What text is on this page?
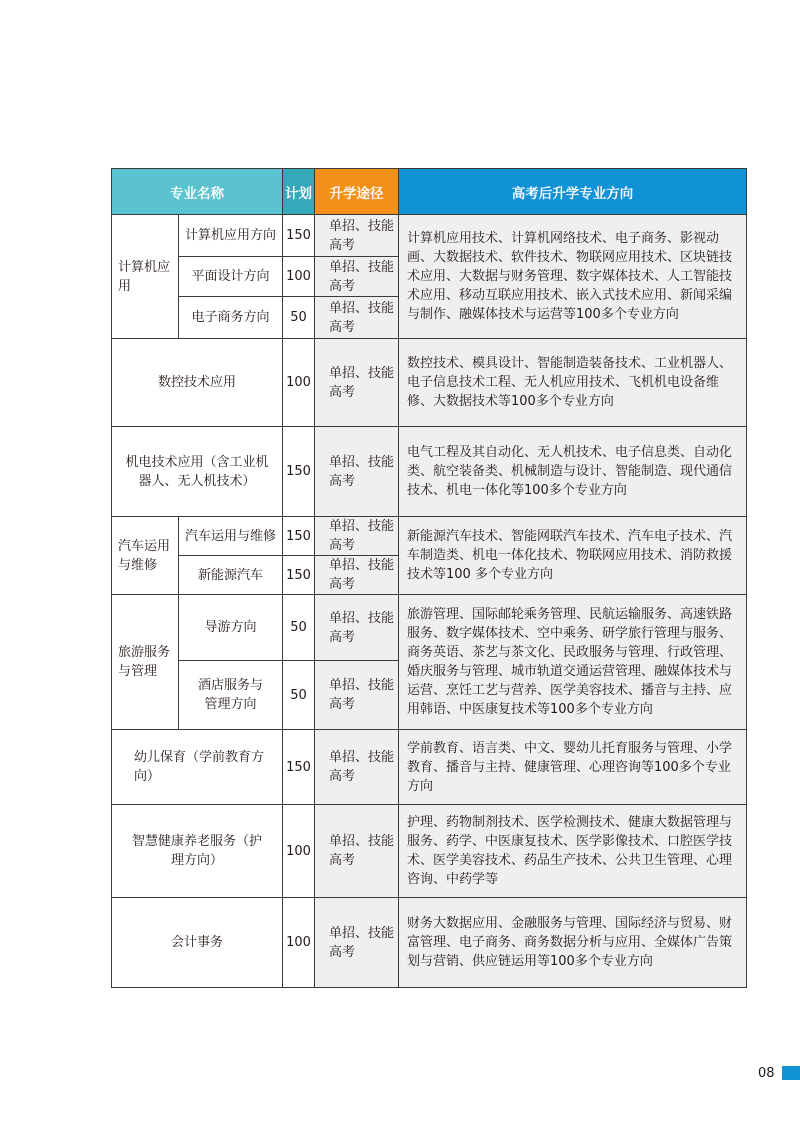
专业名称		计划	升学途径	高考后升学专业方向
计算机应用	计算机应用方向	150	单招、技能高考	计算机应用技术、计算机网络技术、电子商务、影视动画、大数据技术、软件技术、物联网应用技术、区块链技术应用、大数据与财务管理、数字媒体技术、人工智能技术应用、移动互联应用技术、嵌入式技术应用、新闻采编与制作、融媒体技术与运营等100多个专业方向
	平面设计方向	100	单招、技能高考	
	电子商务方向	50	单招、技能高考	
数控技术应用		100	单招、技能高考	数控技术、模具设计、智能制造装备技术、工业机器人、电子信息技术工程、无人机应用技术、飞机机电设备维修、大数据技术等100多个专业方向
机电技术应用（含工业机器人、无人机技术）		150	单招、技能高考	电气工程及其自动化、无人机技术、电子信息类、自动化类、航空装备类、机械制造与设计、智能制造、现代通信技术、机电一体化等100多个专业方向
汽车运用与维修	汽车运用与维修	150	单招、技能高考	新能源汽车技术、智能网联汽车技术、汽车电子技术、汽车制造类、机电一体化技术、物联网应用技术、消防救援技术等100 多个专业方向
	新能源汽车	150	单招、技能高考	
旅游服务与管理	导游方向	50	单招、技能高考	旅游管理、国际邮轮乘务管理、民航运输服务、高速铁路服务、数字媒体技术、空中乘务、研学旅行管理与服务、商务英语、茶艺与茶文化、民政服务与管理、行政管理、婚庆服务与管理、城市轨道交通运营管理、融媒体技术与运营、烹饪工艺与营养、医学美容技术、播音与主持、应用韩语、中医康复技术等100多个专业方向
	酒店服务与管理方向	50	单招、技能高考	
幼儿保育（学前教育方向）		150	单招、技能高考	学前教育、语言类、中文、婴幼儿托育服务与管理、小学教育、播音与主持、健康管理、心理咨询等100多个专业方向
智慧健康养老服务（护理方向）		100	单招、技能高考	护理、药物制剂技术、医学检测技术、健康大数据管理与服务、药学、中医康复技术、医学影像技术、口腔医学技术、医学美容技术、药品生产技术、公共卫生管理、心理咨询、中药学等
会计事务		100	单招、技能高考	财务大数据应用、金融服务与管理、国际经济与贸易、财富管理、电子商务、商务数据分析与应用、全媒体广告策划与营销、供应链运用等100多个专业方向
08
